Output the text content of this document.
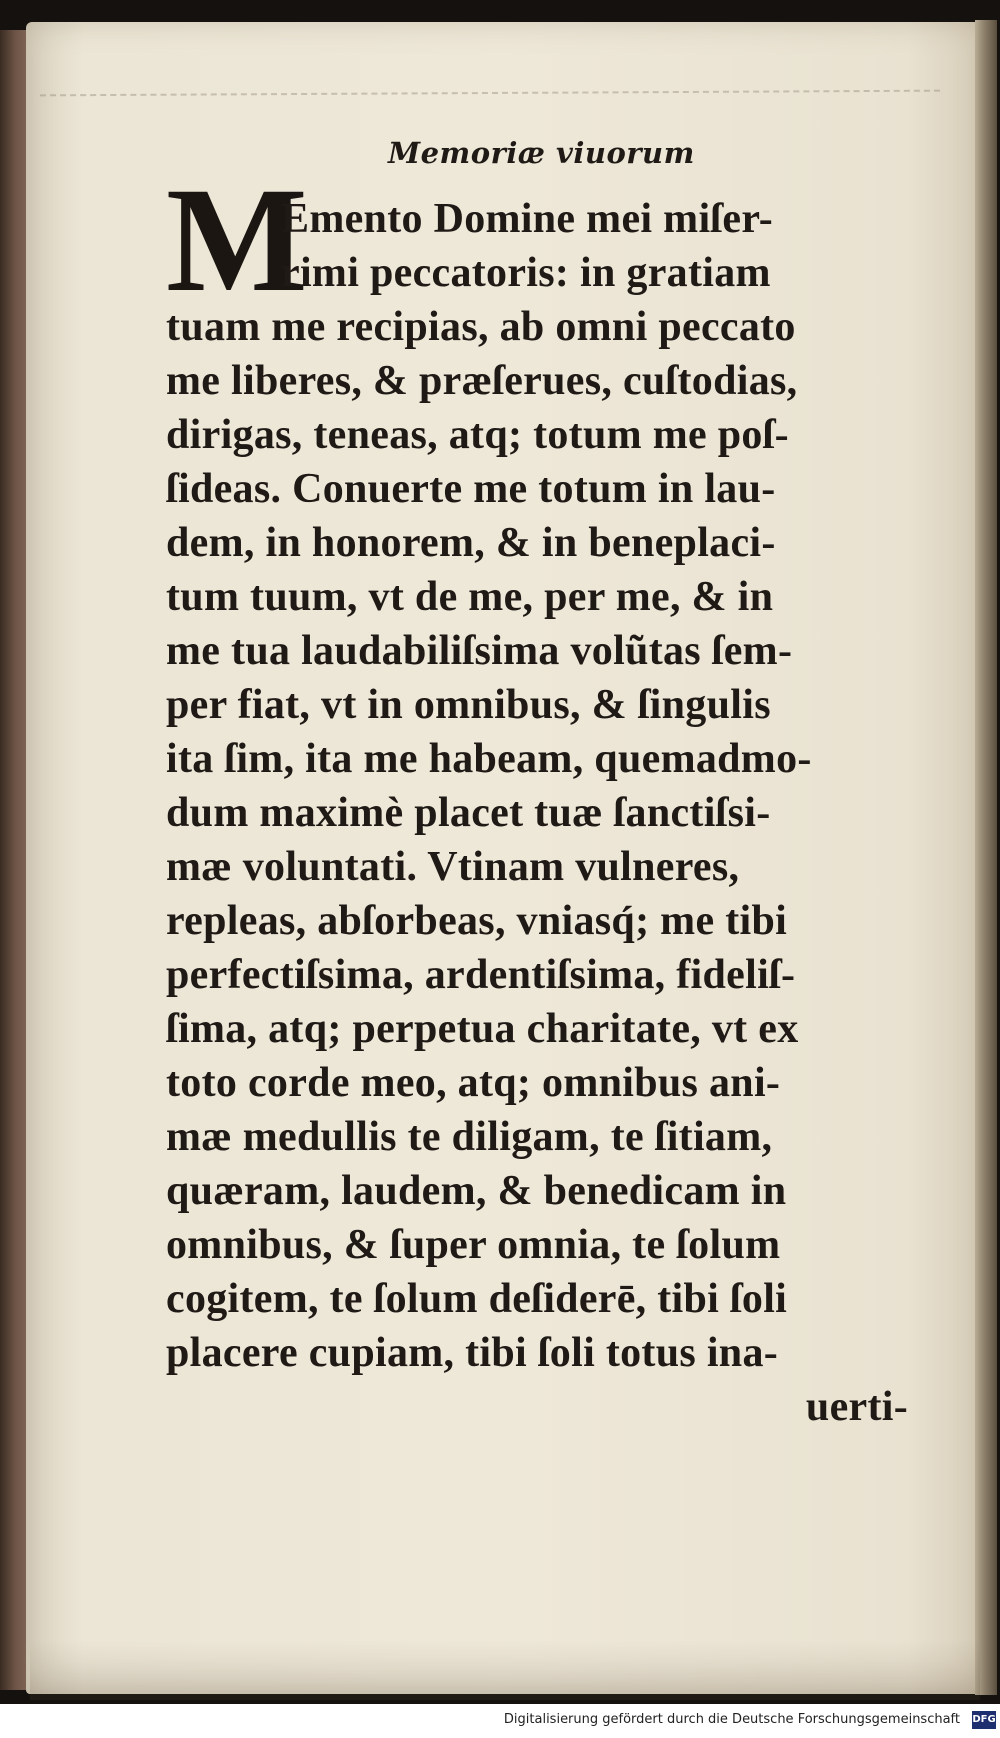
Memoriæ viuorum
M
Emento Domine mei miſer-
rimi peccatoris: in gratiam
tuam me recipias, ab omni peccato
me liberes, & præſerues, cuſtodias,
dirigas, teneas, atq; totum me poſ-
ſideas. Conuerte me totum in lau-
dem, in honorem, & in beneplaci-
tum tuum, vt de me, per me, & in
me tua laudabiliſsima volũtas ſem-
per fiat, vt in omnibus, & ſingulis
ita ſim, ita me habeam, quemadmo-
dum maximè placet tuæ ſanctiſsi-
mæ voluntati. Vtinam vulneres,
repleas, abſorbeas, vniasq́; me tibi
perfectiſsima, ardentiſsima, fideliſ-
ſima, atq; perpetua charitate, vt ex
toto corde meo, atq; omnibus ani-
mæ medullis te diligam, te ſitiam,
quæram, laudem, & benedicam in
omnibus, & ſuper omnia, te ſolum
cogitem, te ſolum deſiderē, tibi ſoli
placere cupiam, tibi ſoli totus ina-
uerti-
Digitalisierung gefördert durch die Deutsche Forschungsgemeinschaft DFG
